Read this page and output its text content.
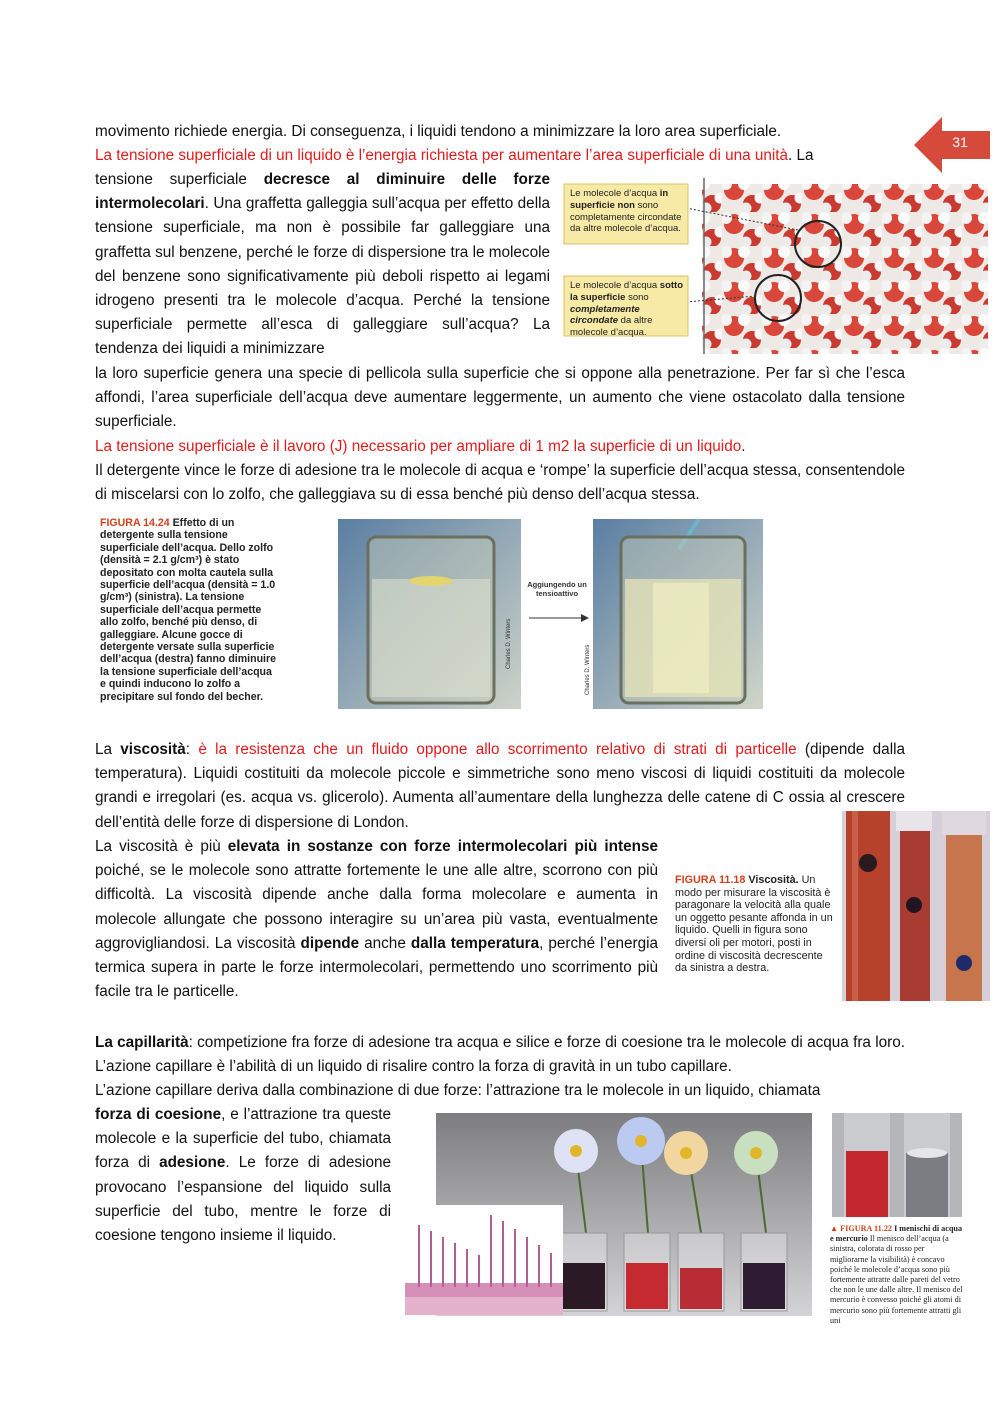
31
movimento richiede energia. Di conseguenza, i liquidi tendono a minimizzare la loro area superficiale.
La tensione superficiale di un liquido è l’energia richiesta per aumentare l’area superficiale di una unità. La
tensione superficiale decresce al diminuire delle forze intermolecolari. Una graffetta galleggia sull’acqua per effetto della tensione superficiale, ma non è possibile far galleggiare una graffetta sul benzene, perché le forze di dispersione tra le molecole del benzene sono significativamente più deboli rispetto ai legami idrogeno presenti tra le molecole d’acqua. Perché la tensione superficiale permette all’esca di galleggiare sull’acqua? La tendenza dei liquidi a minimizzare
Le molecole d’acqua in superficie non sono completamente circondate da altre molecole d’acqua.
Le molecole d’acqua sotto la superficie sono completamente circondate da altre molecole d’acqua.
la loro superficie genera una specie di pellicola sulla superficie che si oppone alla penetrazione. Per far sì che l’esca affondi, l’area superficiale dell’acqua deve aumentare leggermente, un aumento che viene ostacolato dalla tensione superficiale.
La tensione superficiale è il lavoro (J) necessario per ampliare di 1 m2 la superficie di un liquido.
Il detergente vince le forze di adesione tra le molecole di acqua e ‘rompe’ la superficie dell’acqua stessa, consentendole di miscelarsi con lo zolfo, che galleggiava su di essa benché più denso dell’acqua stessa.
FIGURA 14.24 Effetto di un detergente sulla tensione superficiale dell’acqua. Dello zolfo (densità = 2.1 g/cm³) è stato depositato con molta cautela sulla superficie dell’acqua (densità = 1.0 g/cm³) (sinistra). La tensione superficiale dell’acqua permette allo zolfo, benché più denso, di galleggiare. Alcune gocce di detergente versate sulla superficie dell’acqua (destra) fanno diminuire la tensione superficiale dell’acqua e quindi inducono lo zolfo a precipitare sul fondo del becher.
Charles D. Winters
Aggiungendo un tensioattivo
Charles D. Winters
La viscosità: è la resistenza che un fluido oppone allo scorrimento relativo di strati di particelle (dipende dalla temperatura). Liquidi costituiti da molecole piccole e simmetriche sono meno viscosi di liquidi costituiti da molecole grandi e irregolari (es. acqua vs. glicerolo). Aumenta all’aumentare della lunghezza delle catene di C ossia al crescere dell’entità delle forze di dispersione di London.
La viscosità è più elevata in sostanze con forze intermolecolari più intense poiché, se le molecole sono attratte fortemente le une alle altre, scorrono con più difficoltà. La viscosità dipende anche dalla forma molecolare e aumenta in molecole allungate che possono interagire su un’area più vasta, eventualmente aggrovigliandosi. La viscosità dipende anche dalla temperatura, perché l’energia termica supera in parte le forze intermolecolari, permettendo uno scorrimento più facile tra le particelle.
FIGURA 11.18 Viscosità. Un modo per misurare la viscosità è paragonare la velocità alla quale un oggetto pesante affonda in un liquido. Quelli in figura sono diversi oli per motori, posti in ordine di viscosità decrescente da sinistra a destra.
La capillarità: competizione fra forze di adesione tra acqua e silice e forze di coesione tra le molecole di acqua fra loro. L’azione capillare è l’abilità di un liquido di risalire contro la forza di gravità in un tubo capillare.
L’azione capillare deriva dalla combinazione di due forze: l’attrazione tra le molecole in un liquido, chiamata
forza di coesione, e l’attrazione tra queste molecole e la superficie del tubo, chiamata forza di adesione. Le forze di adesione provocano l’espansione del liquido sulla superficie del tubo, mentre le forze di coesione tengono insieme il liquido.	▲ FIGURA 11.22 I menischi di acqua e mercurio Il menisco dell’acqua (a sinistra, colorata di rosso per migliorarne la visibilità) è concavo poiché le molecole d’acqua sono più fortemente attratte dalle pareti del vetro che non le une dalle altre. Il menisco del mercurio è convesso poiché gli atomi di mercurio sono più fortemente attratti gli uni
